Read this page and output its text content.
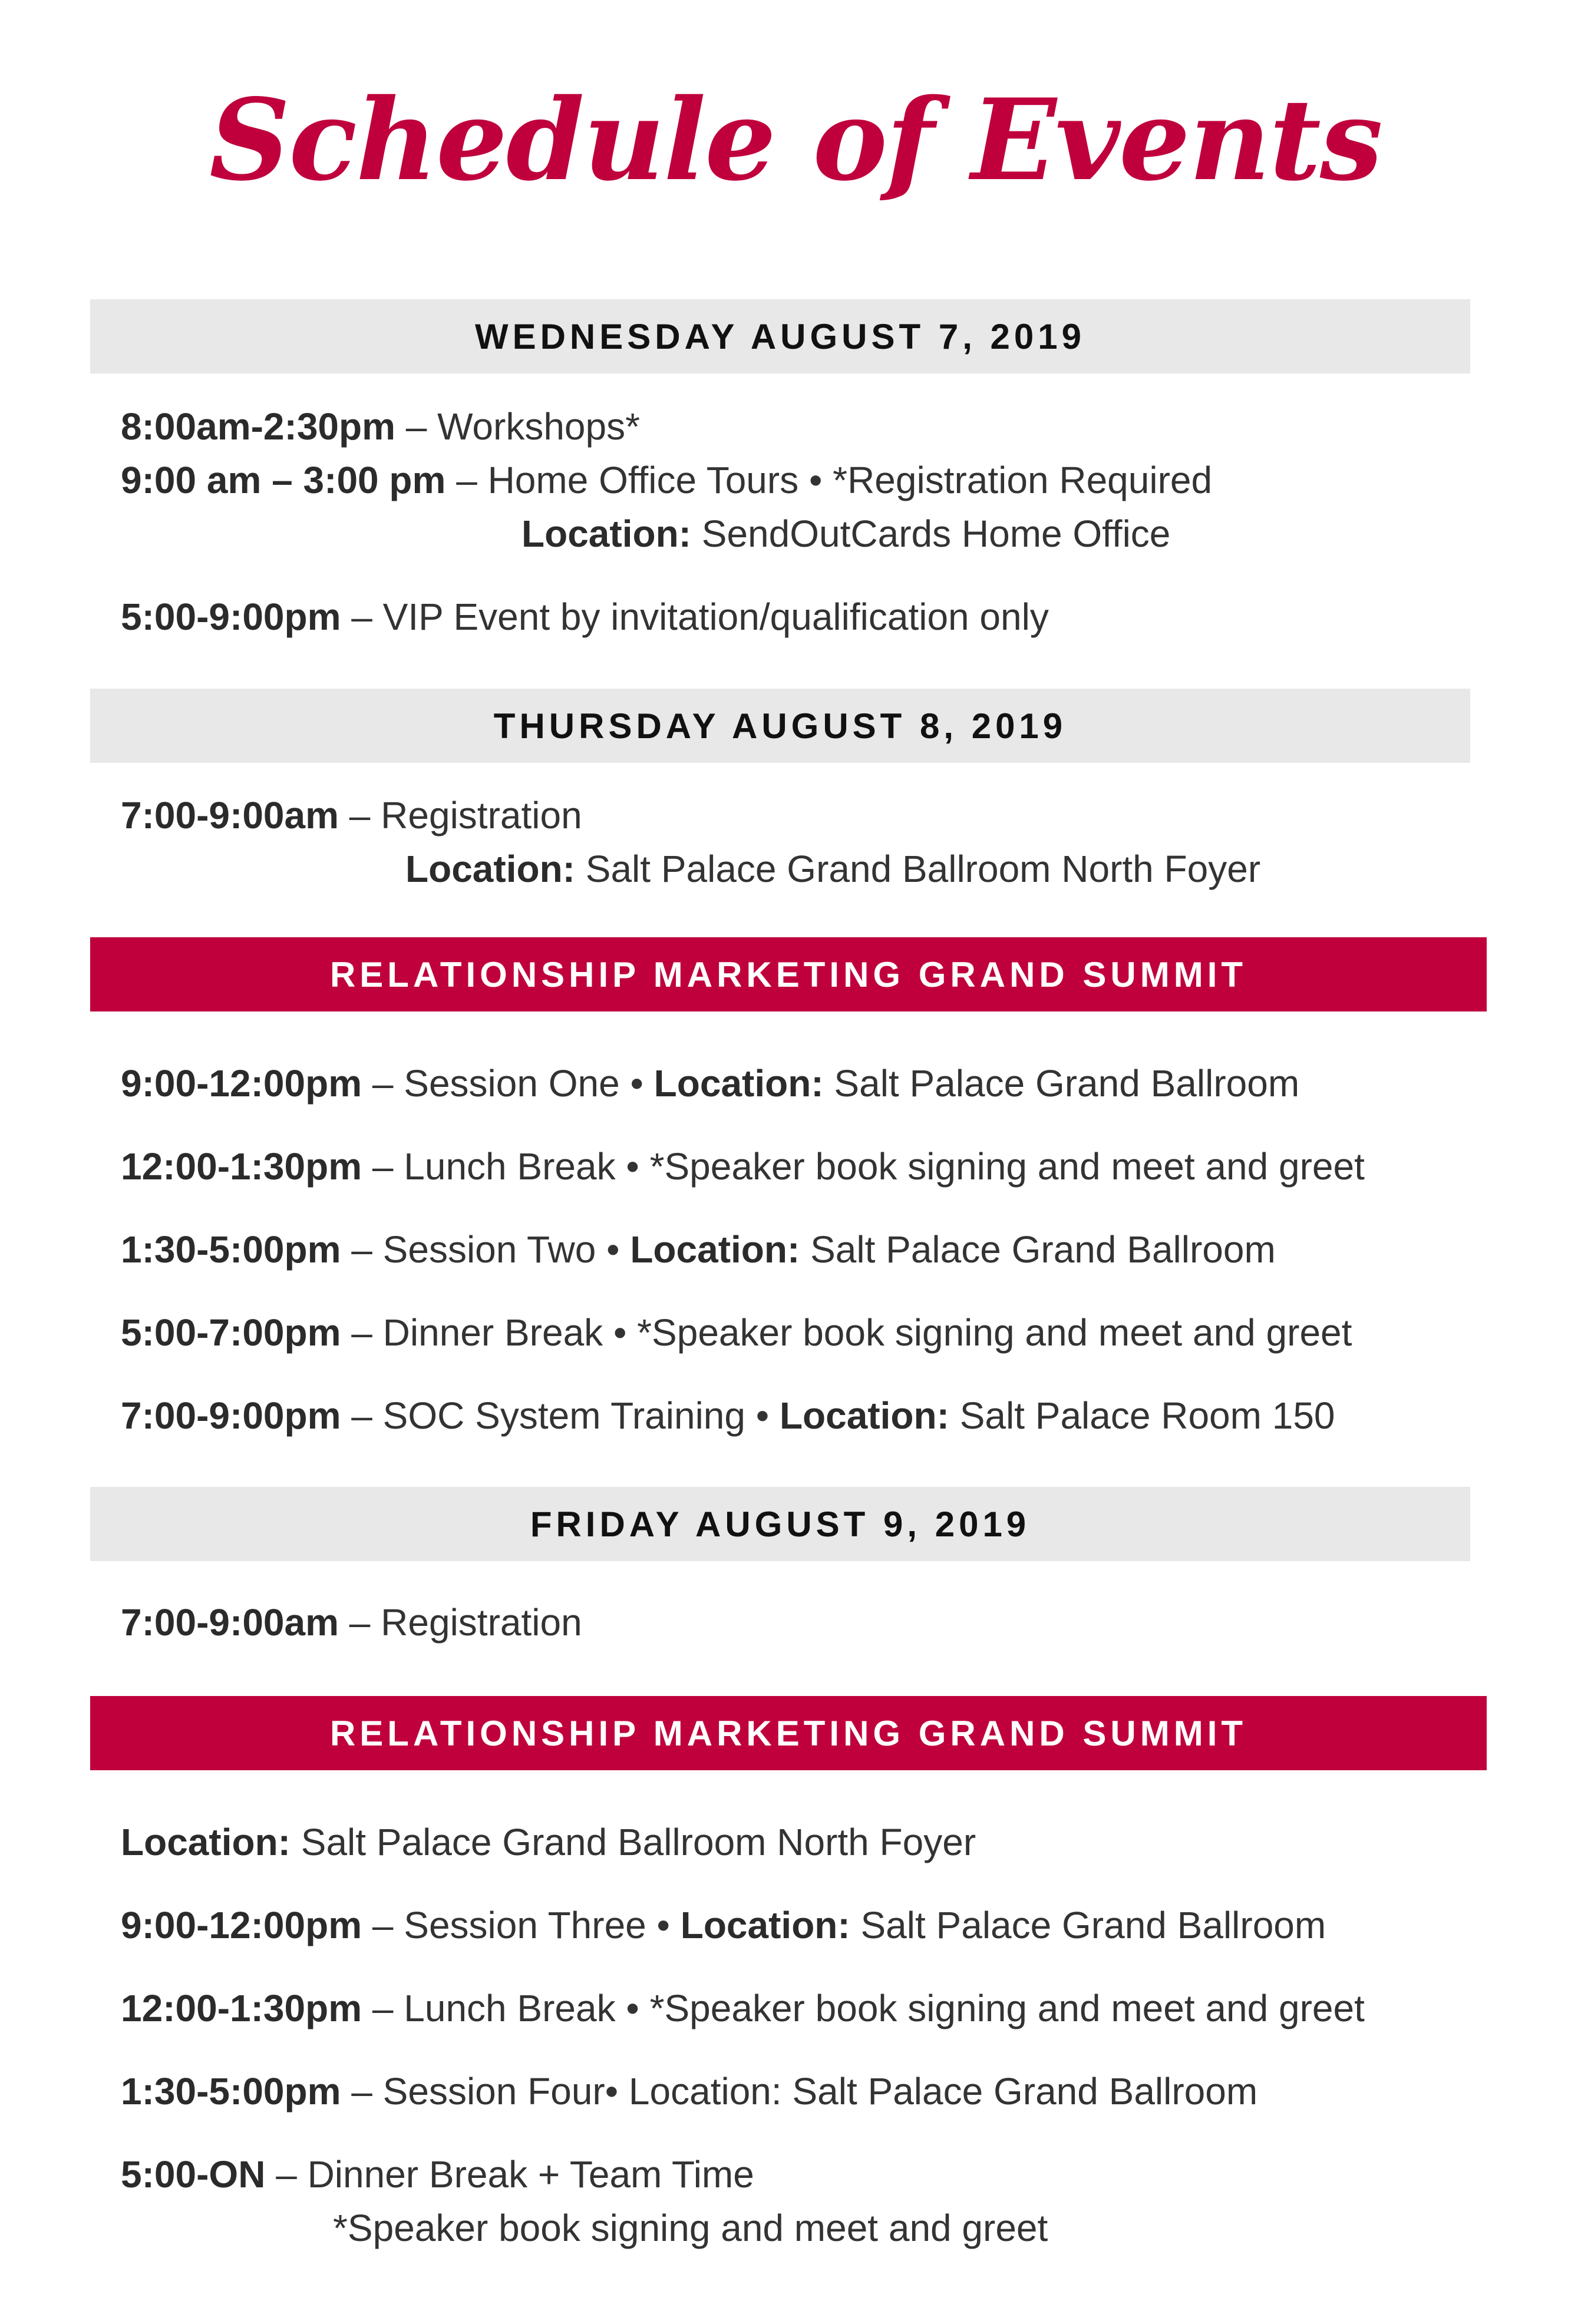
Schedule of Events
WEDNESDAY AUGUST 7, 2019
8:00am-2:30pm – Workshops*
9:00 am – 3:00 pm – Home Office Tours • *Registration Required
Location: SendOutCards Home Office
5:00-9:00pm – VIP Event by invitation/qualification only
THURSDAY AUGUST 8, 2019
7:00-9:00am – Registration
Location: Salt Palace Grand Ballroom North Foyer
RELATIONSHIP MARKETING GRAND SUMMIT
9:00-12:00pm – Session One • Location: Salt Palace Grand Ballroom
12:00-1:30pm – Lunch Break • *Speaker book signing and meet and greet
1:30-5:00pm – Session Two • Location: Salt Palace Grand Ballroom
5:00-7:00pm – Dinner Break • *Speaker book signing and meet and greet
7:00-9:00pm – SOC System Training • Location: Salt Palace Room 150
FRIDAY AUGUST 9, 2019
7:00-9:00am – Registration
RELATIONSHIP MARKETING GRAND SUMMIT
Location: Salt Palace Grand Ballroom North Foyer
9:00-12:00pm – Session Three • Location: Salt Palace Grand Ballroom
12:00-1:30pm – Lunch Break • *Speaker book signing and meet and greet
1:30-5:00pm – Session Four• Location: Salt Palace Grand Ballroom
5:00-ON – Dinner Break + Team Time
*Speaker book signing and meet and greet
